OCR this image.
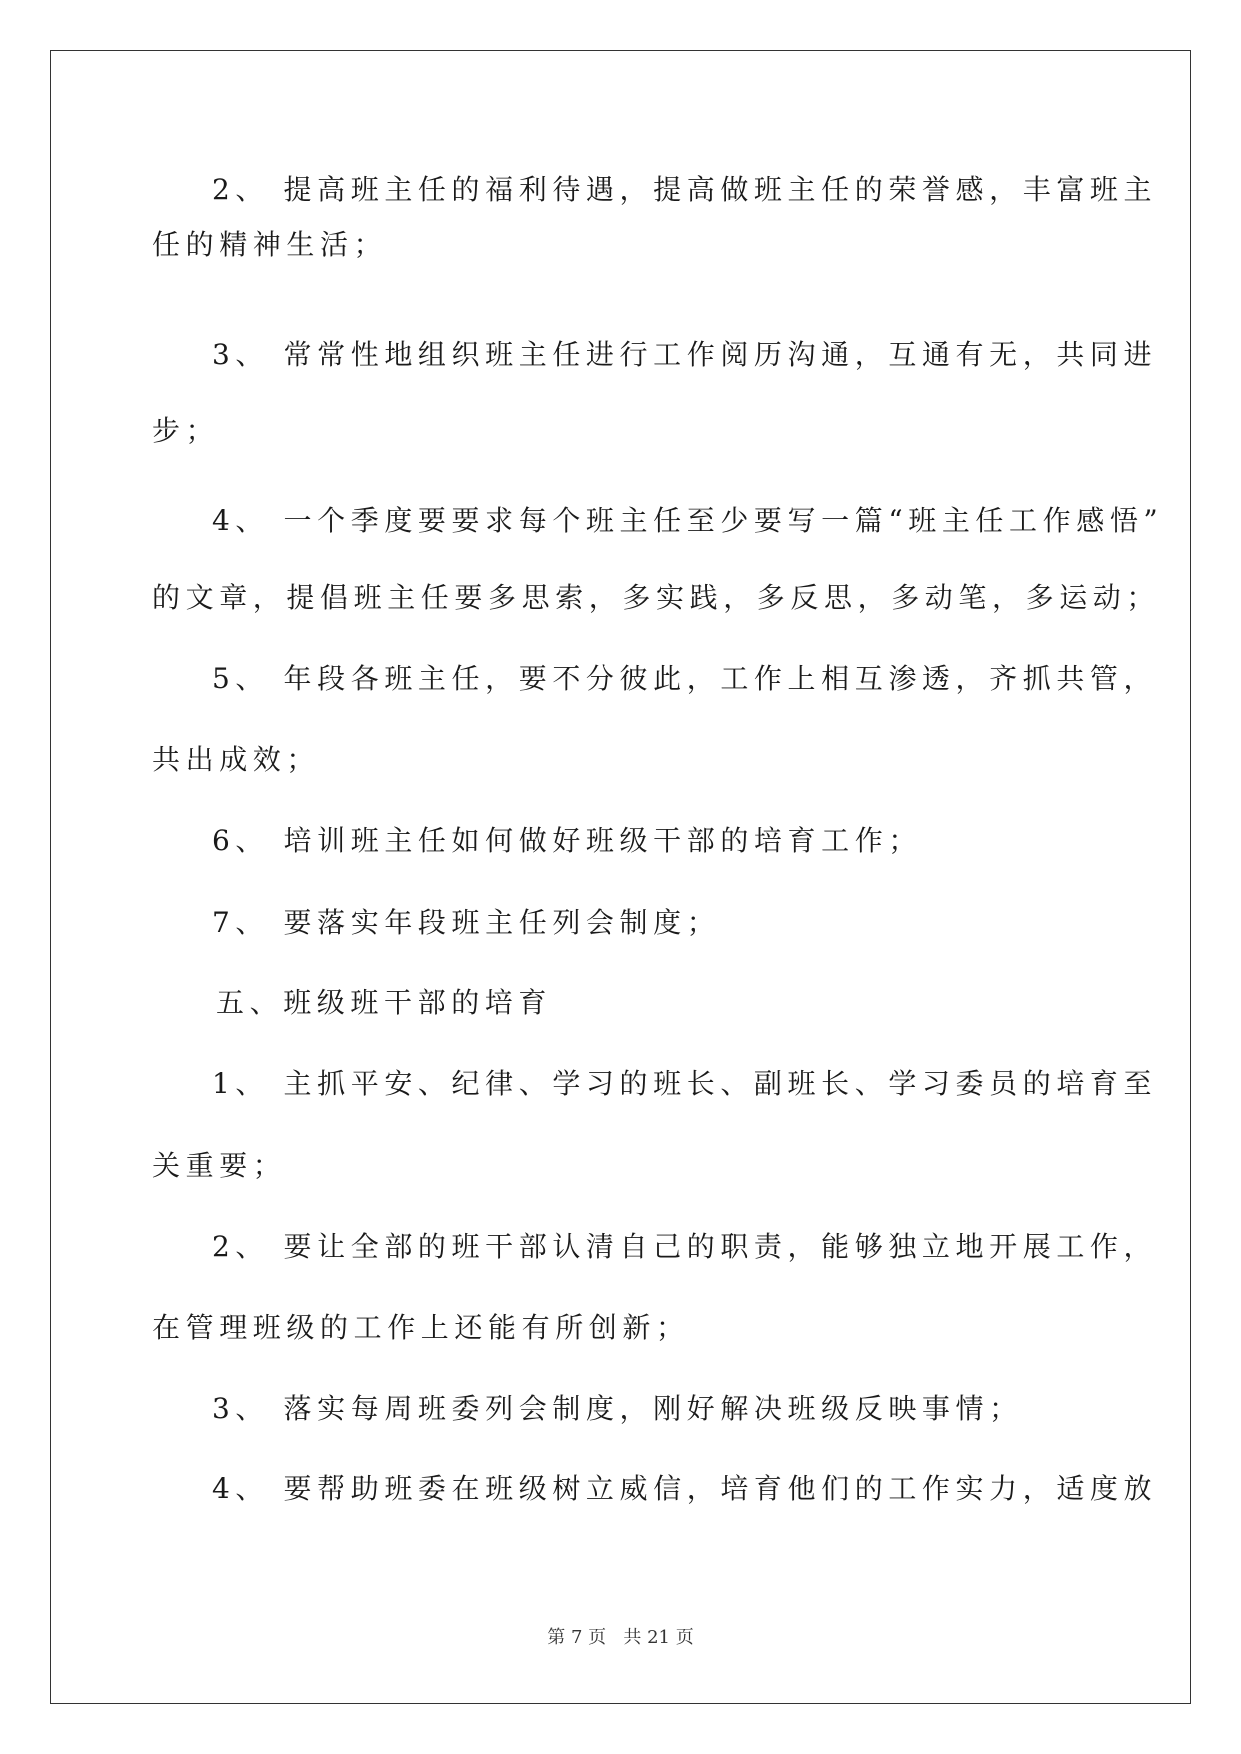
2、 提高班主任的福利待遇，提高做班主任的荣誉感，丰富班主

任的精神生活；

3、 常常性地组织班主任进行工作阅历沟通，互通有无，共同进

步；

4、 一个季度要要求每个班主任至少要写一篇“班主任工作感悟”

的文章，提倡班主任要多思索，多实践，多反思，多动笔，多运动；

5、 年段各班主任，要不分彼此，工作上相互渗透，齐抓共管，

共出成效；

6、 培训班主任如何做好班级干部的培育工作；

7、 要落实年段班主任列会制度；

五、班级班干部的培育

1、 主抓平安、纪律、学习的班长、副班长、学习委员的培育至

关重要；

2、 要让全部的班干部认清自己的职责，能够独立地开展工作，

在管理班级的工作上还能有所创新；

3、 落实每周班委列会制度，刚好解决班级反映事情；

4、 要帮助班委在班级树立威信，培育他们的工作实力，适度放

第 7 页 共 21 页
